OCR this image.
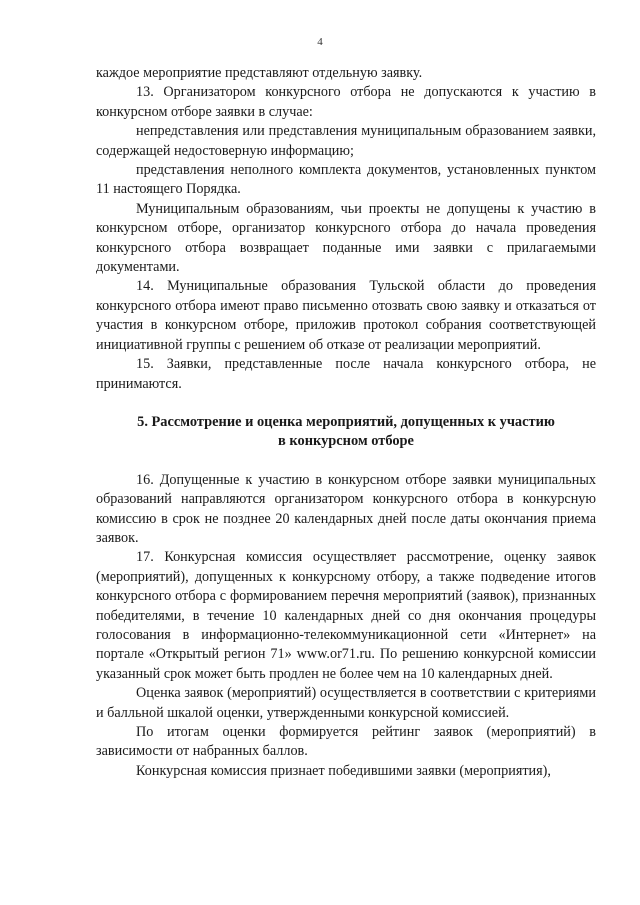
4

каждое мероприятие представляют отдельную заявку.

13. Организатором конкурсного отбора не допускаются к участию в конкурсном отборе заявки в случае:

непредставления или представления муниципальным образованием заявки, содержащей недостоверную информацию;

представления неполного комплекта документов, установленных пунктом 11 настоящего Порядка.

Муниципальным образованиям, чьи проекты не допущены к участию в конкурсном отборе, организатор конкурсного отбора до начала проведения конкурсного отбора возвращает поданные ими заявки с прилагаемыми документами.

14. Муниципальные образования Тульской области до проведения конкурсного отбора имеют право письменно отозвать свою заявку и отказаться от участия в конкурсном отборе, приложив протокол собрания соответствующей инициативной группы с решением об отказе от реализации мероприятий.

15. Заявки, представленные после начала конкурсного отбора, не принимаются.

5. Рассмотрение и оценка мероприятий, допущенных к участию
в конкурсном отборе

16. Допущенные к участию в конкурсном отборе заявки муниципальных образований направляются организатором конкурсного отбора в конкурсную комиссию в срок не позднее 20 календарных дней после даты окончания приема заявок.

17. Конкурсная комиссия осуществляет рассмотрение, оценку заявок (мероприятий), допущенных к конкурсному отбору, а также подведение итогов конкурсного отбора с формированием перечня мероприятий (заявок), признанных победителями, в течение 10 календарных дней со дня окончания процедуры голосования в информационно-телекоммуникационной сети «Интернет» на портале «Открытый регион 71» www.or71.ru. По решению конкурсной комиссии указанный срок может быть продлен не более чем на 10 календарных дней.

Оценка заявок (мероприятий) осуществляется в соответствии с критериями и балльной шкалой оценки, утвержденными конкурсной комиссией.

По итогам оценки формируется рейтинг заявок (мероприятий) в зависимости от набранных баллов.

Конкурсная комиссия признает победившими заявки (мероприятия),
